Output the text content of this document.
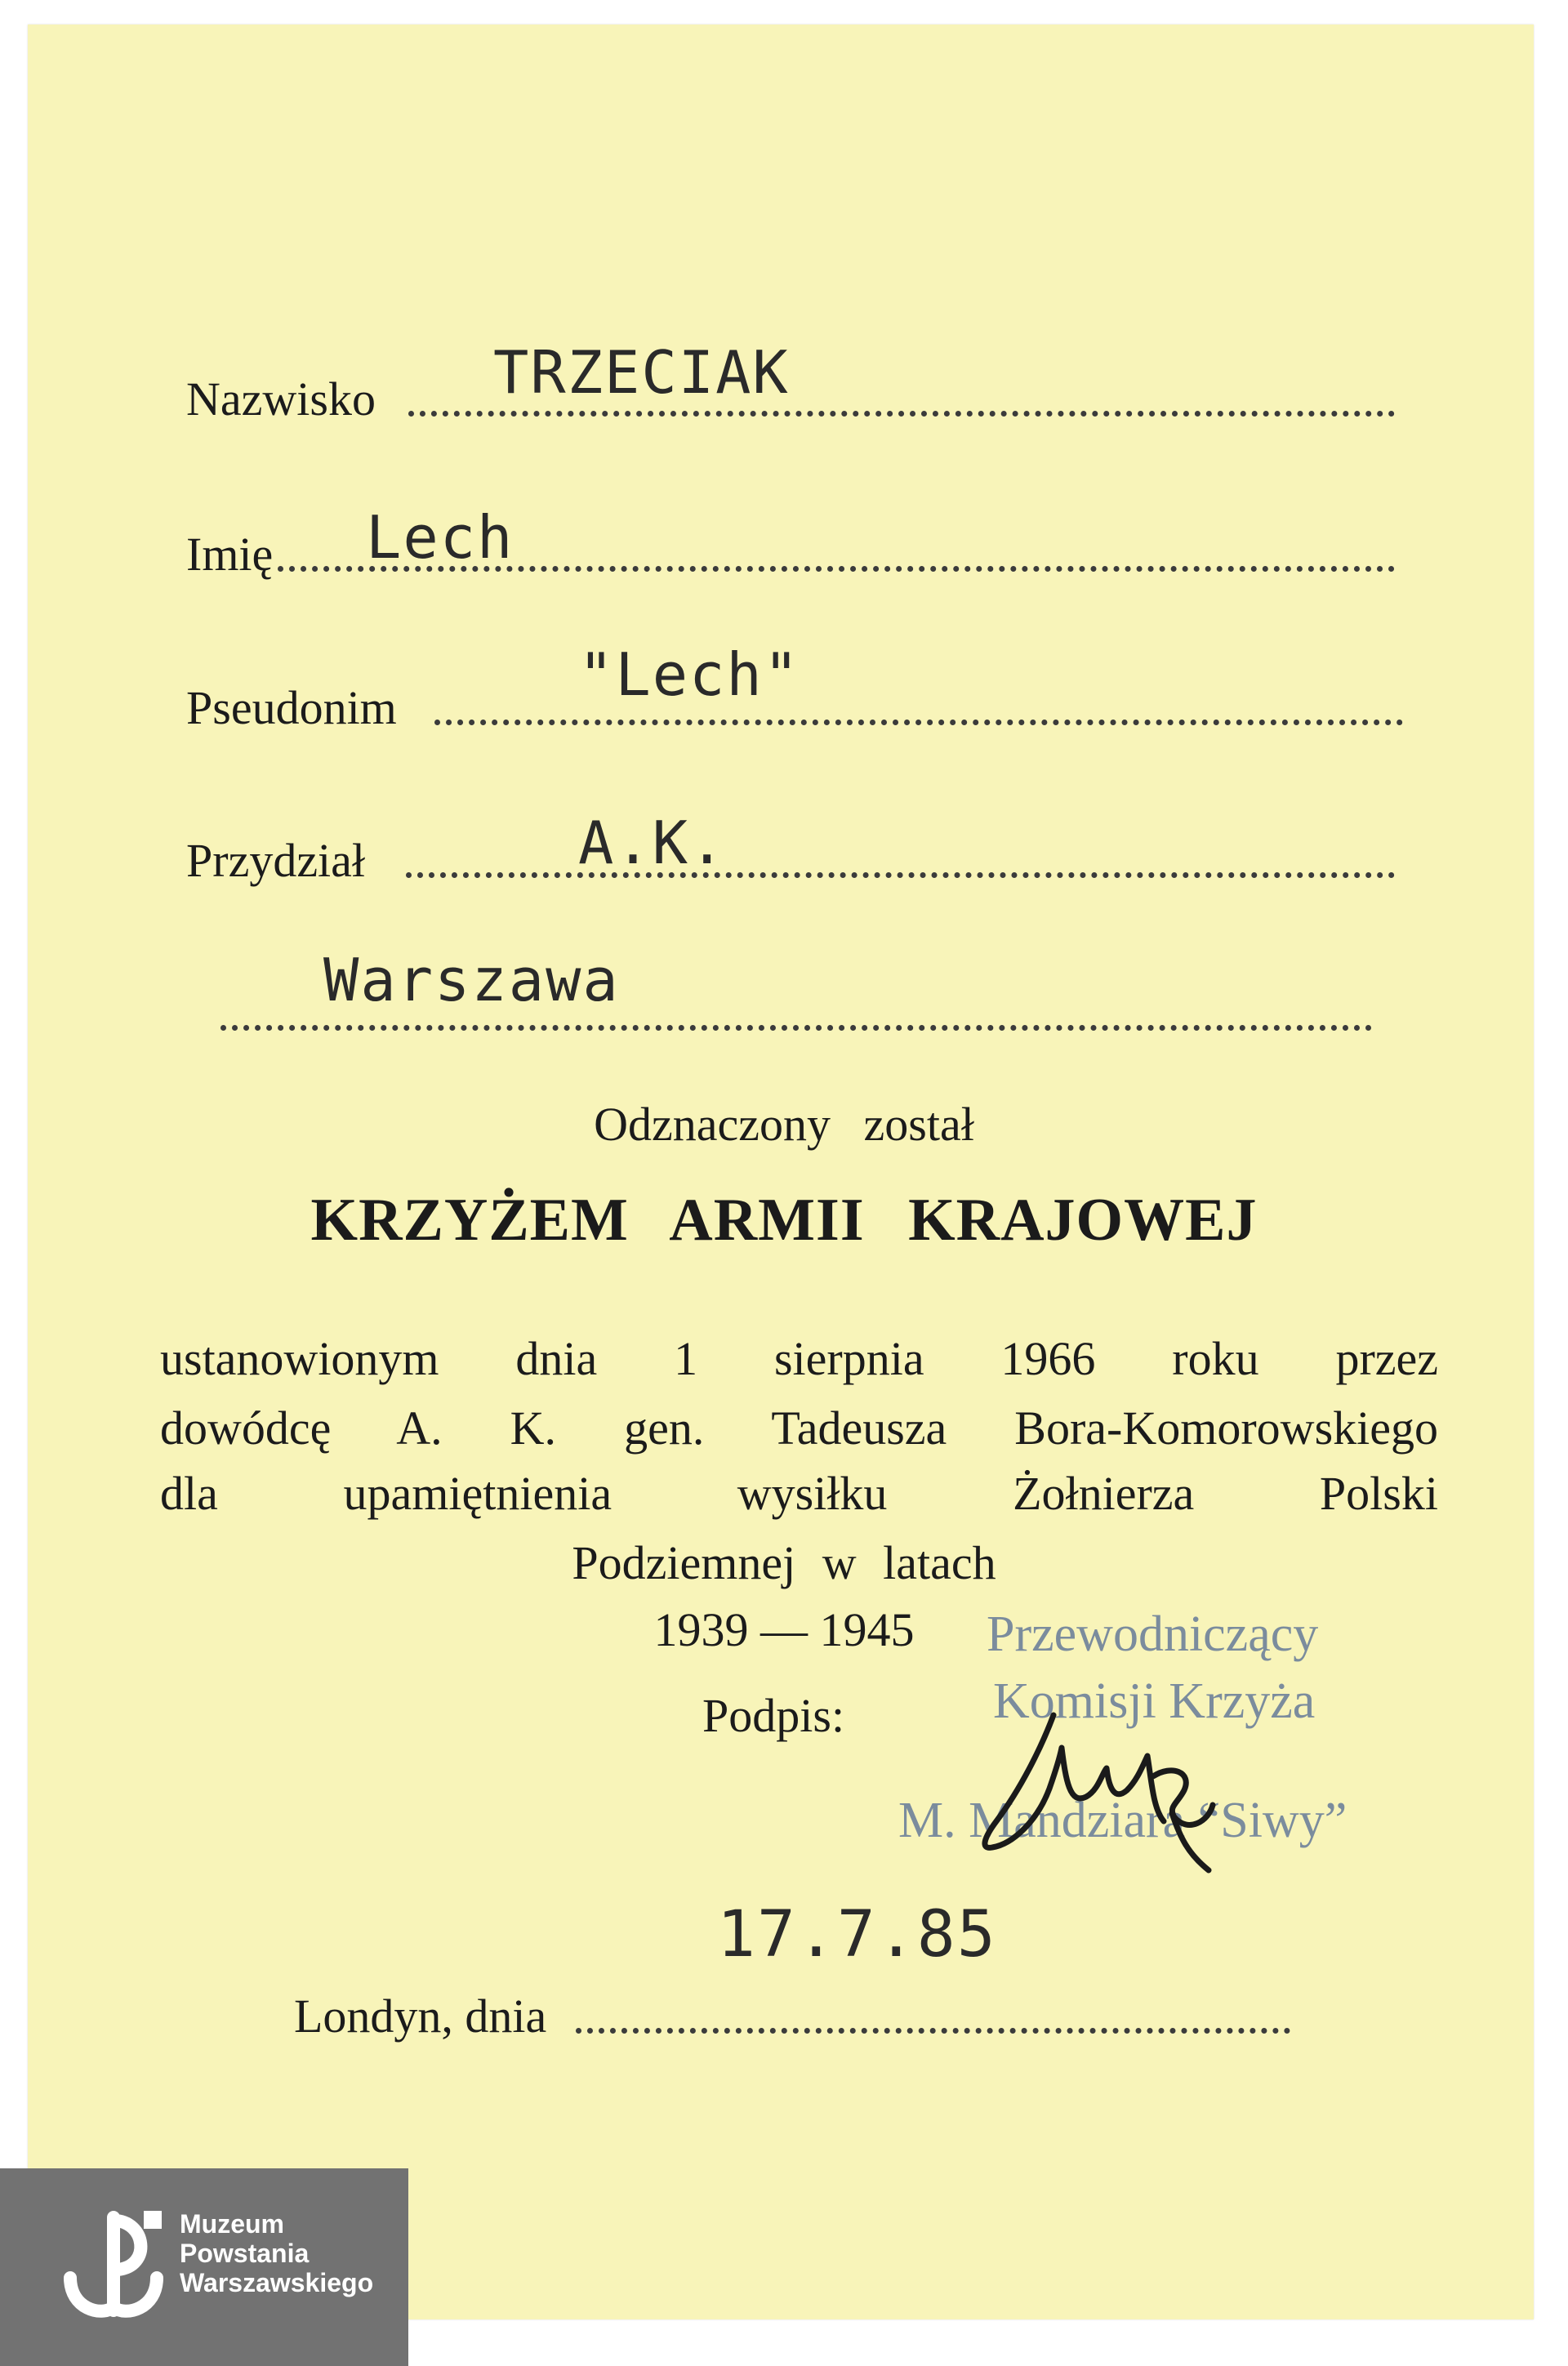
Nazwisko TRZECIAK
Imię Lech
Pseudonim	"Lech"
Przydział	A.K.
Warszawa
Odznaczony został
KRZYŻEM ARMII KRAJOWEJ
ustanowionym dnia 1 sierpnia 1966 roku przez
dowódcę A. K. gen. Tadeusza Bora-Komorowskiego
dla upamiętnienia wysiłku Żołnierza Polski
Podziemnej w latach
1939 — 1945
Podpis:
Przewodniczący
Komisji Krzyża
M. Mandziara “Siwy”
Londyn, dnia
17.7.85
Muzeum
Powstania
Warszawskiego
